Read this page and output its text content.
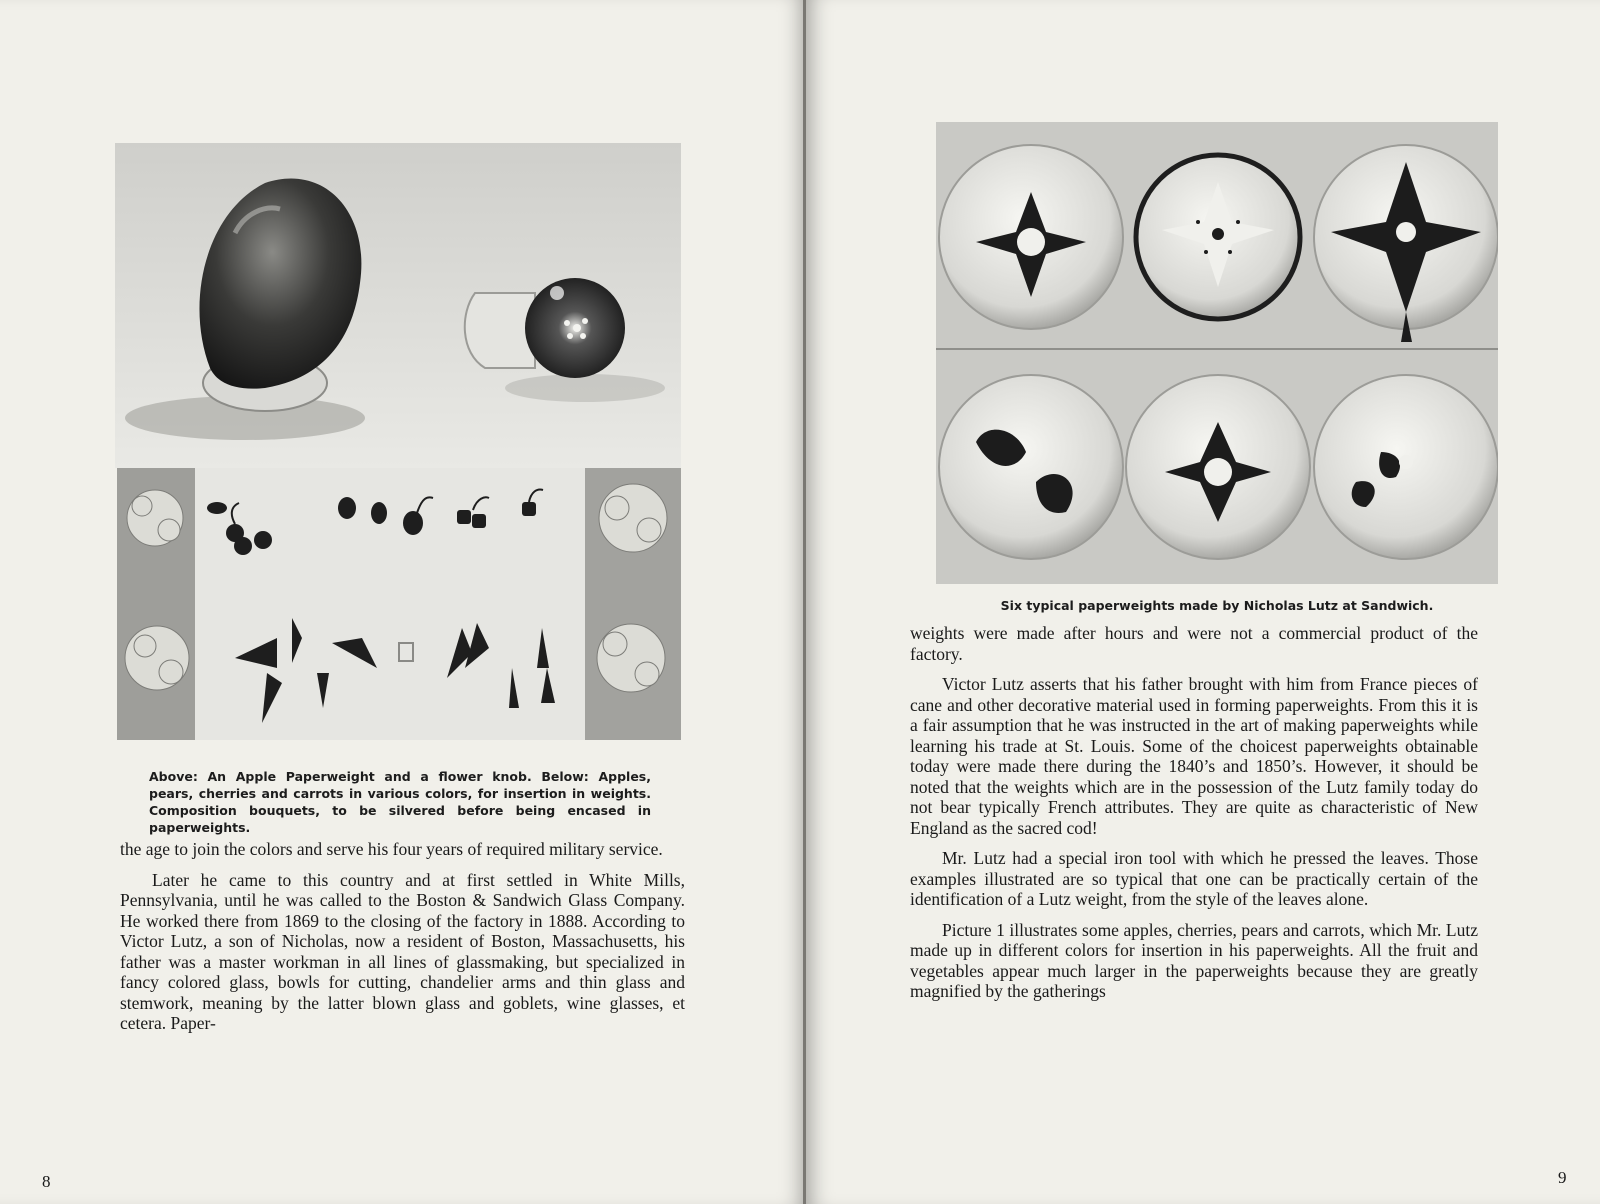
Above: An Apple Paperweight and a flower knob. Below: Apples, pears, cherries and carrots in various colors, for insertion in weights. Composition bouquets, to be silvered before being encased in paperweights.

the age to join the colors and serve his four years of required military service.

Later he came to this country and at first settled in White Mills, Pennsylvania, until he was called to the Boston & Sandwich Glass Company. He worked there from 1869 to the closing of the factory in 1888. According to Victor Lutz, a son of Nicholas, now a resident of Boston, Massachusetts, his father was a master workman in all lines of glassmaking, but specialized in fancy colored glass, bowls for cutting, chandelier arms and thin glass and stemwork, meaning by the latter blown glass and goblets, wine glasses, et cetera. Paper-

8

Six typical paperweights made by Nicholas Lutz at Sandwich.

weights were made after hours and were not a commercial product of the factory.

Victor Lutz asserts that his father brought with him from France pieces of cane and other decorative material used in forming paperweights. From this it is a fair assumption that he was instructed in the art of making paperweights while learning his trade at St. Louis. Some of the choicest paperweights obtainable today were made there during the 1840’s and 1850’s. However, it should be noted that the weights which are in the possession of the Lutz family today do not bear typically French attributes. They are quite as characteristic of New England as the sacred cod!

Mr. Lutz had a special iron tool with which he pressed the leaves. Those examples illustrated are so typical that one can be practically certain of the identification of a Lutz weight, from the style of the leaves alone.

Picture 1 illustrates some apples, cherries, pears and carrots, which Mr. Lutz made up in different colors for insertion in his paperweights. All the fruit and vegetables appear much larger in the paperweights because they are greatly magnified by the gatherings

9
